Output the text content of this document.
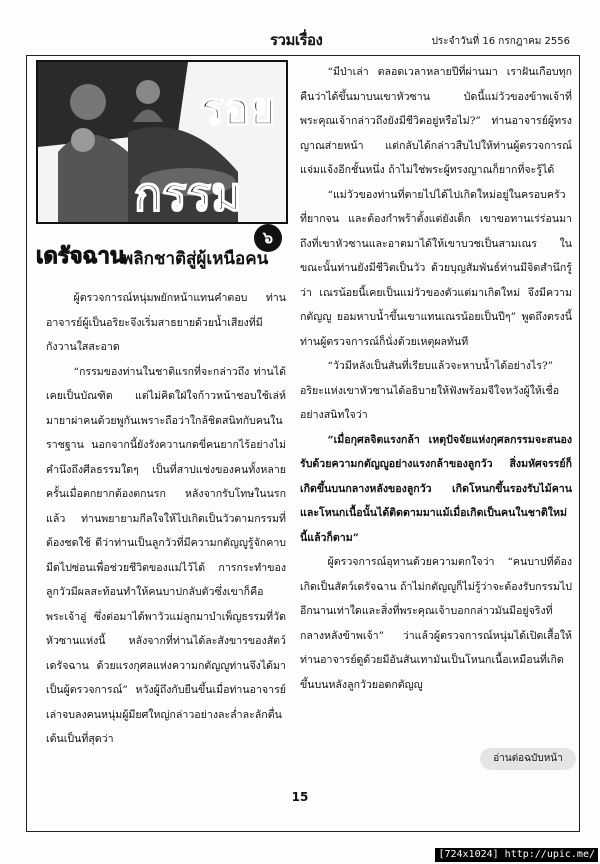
รวมเรื่อง	ประจำวันที่ 16 กรกฎาคม 2556
รอย
กรรม
๖
เดรัจฉาน
พลิกชาติสู่ผู้เหนือคน

ผู้ตรวจการณ์หนุ่มพยักหน้าแทนคำตอบ ท่านอาจารย์ผู้เป็นอริยะจึงเริ่มสาธยายด้วยน้ำเสียงที่มีกังวานใสสะอาด

“กรรมของท่านในชาติแรกที่จะกล่าวถึง ท่านได้เคยเป็นบัณฑิต แต่ไม่คิดใฝ่ใจก้าวหน้าชอบใช้เล่ห์มายาผ่าคนด้วยพูกันเพราะถือว่าใกล้ชิดสนิทกับคนในราชฐาน นอกจากนี้ยังรังควานกดขี่คนยากไร้อย่างไม่คำนึงถึงศีลธรรมใดๆ เป็นที่สาปแช่งของคนทั้งหลาย ครั้นเมื่อตกยากต้องตกนรก หลังจากรับโทษในนรกแล้ว ท่านพยายามกีลใจให้ไปเกิดเป็นวัวตามกรรมที่ต้องชดใช้ ดีว่าท่านเป็นลูกวัวที่มีความกตัญญูรู้จักคาบมีดไปซ่อนเพื่อช่วยชีวิตของแม่ไว้ได้ การกระทำของลูกวัวมีผลสะท้อนทำให้คนบาปกลับตัวซึ่งเขาก็คือพระเจ้าอู่ ซึ่งต่อมาได้พาวัวแม่ลูกมาบำเพ็ญธรรมที่วัดหัวซานแห่งนี้ หลังจากที่ท่านได้ละสังขารของสัตว์เดรัจฉาน ด้วยแรงกุศลแห่งความกตัญญูท่านจึงได้มาเป็นผู้ตรวจการณ์” หวังผู้ถึงกับยืนขึ้นเมื่อท่านอาจารย์เล่าจบลงคนหนุ่มผู้มียศใหญ่กล่าวอย่างละล่ำละลักตื่นเต้นเป็นที่สุดว่า

“มีป่าเล่า ตลอดเวลาหลายปีที่ผ่านมา เราฝันเกือบทุกคืนว่าได้ขึ้นมาบนเขาหัวซาน บัดนี้แม่วัวของข้าพเจ้าที่พระคุณเจ้ากล่าวถึงยังมีชีวิตอยู่หรือไม่?” ท่านอาจารย์ผู้ทรงญาณส่ายหน้า แต่กลับได้กล่าวสืบไปให้ท่านผู้ตรวจการณ์แจ่มแจ้งอีกชั้นหนึ่ง ถ้าไม่ใช่พระผู้ทรงญาณก็ยากที่จะรู้ได้

“แม่วัวของท่านที่ตายไปได้ไปเกิดใหม่อยู่ในครอบครัวที่ยากจน และต้องกำพร้าตั้งแต่ยังเด็ก เขาขอทานเร่ร่อนมาถึงที่เขาหัวซานและอาตมาได้ให้เขาบวชเป็นสามเณร ในขณะนั้นท่านยังมีชีวิตเป็นวัว ด้วยบุญสัมพันธ์ท่านมีจิตสำนึกรู้ว่า เณรน้อยนี้เคยเป็นแม่วัวของตัวแต่มาเกิดใหม่ จึงมีความกตัญญู ยอมหาบน้ำขึ้นเขาแทนเณรน้อยเป็นปีๆ” พูดถึงตรงนี้ ท่านผู้ตรวจการณ์ก็นั่งด้วยเหตุผลทันที

“วัวมีหลังเป็นสันที่เรียบแล้วจะหาบน้ำได้อย่างไร?” อริยะแห่งเขาหัวซานได้อธิบายให้ฟังพร้อมจีใจหวังผู้ให้เชื่ออย่างสนิทใจว่า

“เมื่อกุศลจิตแรงกล้า เหตุปัจจัยแห่งกุศลกรรมจะสนองรับด้วยความกตัญญูอย่างแรงกล้าของลูกวัว สิ่งมหัศจรรย์ก็เกิดขึ้นบนกลางหลังของลูกวัว เกิดโหนกขึ้นรองรับไม้คาน และโหนกเนื้อนั้นได้ติดตามมาแม้เมื่อเกิดเป็นคนในชาติใหม่นี้แล้วก็ตาม”

ผู้ตรวจการณ์อุทานด้วยความตกใจว่า “คนบาปที่ต้องเกิดเป็นสัตว์เดรัจฉาน ถ้าไม่กตัญญูก็ไม่รู้ว่าจะต้องรับกรรมไปอีกนานเท่าใดและสิ่งที่พระคุณเจ้าบอกกล่าวมันมีอยู่จริงที่กลางหลังข้าพเจ้า” ว่าแล้วผู้ตรวจการณ์หนุ่มได้เปิดเสื้อให้ท่านอาจารย์ดูด้วยมีอันสันเทามันเป็นโหนกเนื้อเหมือนที่เกิดขึ้นบนหลังลูกวัวยอดกตัญญู

อ่านต่อฉบับหน้า
15
[724x1024] http://upic.me/
